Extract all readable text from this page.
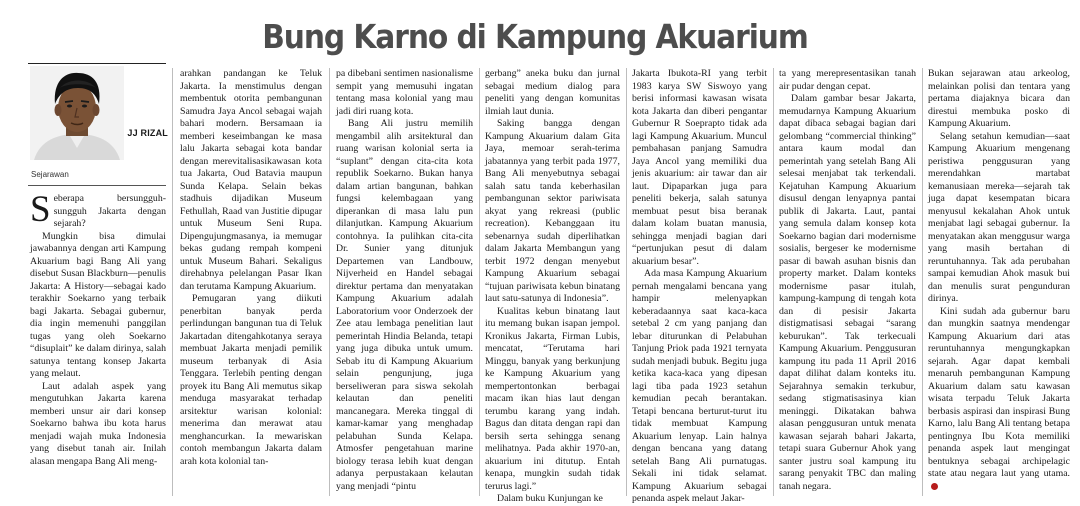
Bung Karno di Kampung Akuarium
JJ RIZAL
Sejarawan

Seberapa bersungguh-sungguh Jakarta dengan sejarah?

Mungkin bisa dimulai jawabannya dengan arti Kampung Akuarium bagi Bang Ali yang disebut Susan Blackburn—penulis Jakarta: A History—sebagai kado terakhir Soekarno yang terbaik bagi Jakarta. Sebagai gubernur, dia ingin memenuhi panggilan tugas yang oleh Soekarno “disuplait” ke dalam dirinya, salah satunya tentang konsep Jakarta yang melaut.

Laut adalah aspek yang mengutuhkan Jakarta karena memberi unsur air dari konsep Soekarno bahwa ibu kota harus menjadi wajah muka Indonesia yang disebut tanah air. Inilah alasan mengapa Bang Ali meng-

arahkan pandangan ke Teluk Jakarta. Ia menstimulus dengan membentuk otorita pembangunan Samudra Jaya Ancol sebagai wajah bahari modern. Bersamaan ia memberi keseimbangan ke masa lalu Jakarta sebagai kota bandar dengan merevitalisasikawasan kota tua Jakarta, Oud Batavia maupun Sunda Kelapa. Selain bekas stadhuis dijadikan Museum Fethullah, Raad van Justitie dipugar untuk Museum Seni Rupa. Dipengujungmasanya, ia memugar bekas gudang rempah kompeni untuk Museum Bahari. Sekaligus direhabnya pelelangan Pasar Ikan dan terutama Kampung Akuarium.

Pemugaran yang diikuti penerbitan banyak perda perlindungan bangunan tua di Teluk Jakartadan ditengahkotanya seraya membuat Jakarta menjadi pemilik museum terbanyak di Asia Tenggara. Terlebih penting dengan proyek itu Bang Ali memutus sikap menduga masyarakat terhadap arsitektur warisan kolonial: menerima dan merawat atau menghancurkan. Ia mewariskan contoh membangun Jakarta dalam arah kota kolonial tan-

pa dibebani sentimen nasionalisme sempit yang memusuhi ingatan tentang masa kolonial yang mau jadi diri ruang kota.

Bang Ali justru memilih mengambil alih arsitektural dan ruang warisan kolonial serta ia “suplant” dengan cita-cita kota republik Soekarno. Bukan hanya dalam artian bangunan, bahkan fungsi kelembagaan yang diperankan di masa lalu pun dilanjutkan. Kampung Akuarium contohnya. Ia pulihkan cita-cita Dr. Sunier yang ditunjuk Departemen van Landbouw, Nijverheid en Handel sebagai direktur pertama dan menyatakan Kampung Akuarium adalah Laboratorium voor Onderzoek der Zee atau lembaga penelitian laut pemerintah Hindia Belanda, tetapi yang juga dibuka untuk umum. Sebab itu di Kampung Akuarium selain pengunjung, juga berseliweran para siswa sekolah kelautan dan peneliti mancanegara. Mereka tinggal di kamar-kamar yang menghadap pelabuhan Sunda Kelapa. Atmosfer pengetahuan marine biology terasa lebih kuat dengan adanya perpustakaan kelautan yang menjadi “pintu

gerbang” aneka buku dan jurnal sebagai medium dialog para peneliti yang dengan komunitas ilmiah laut dunia.

Saking bangga dengan Kampung Akuarium dalam Gita Jaya, memoar serah-terima jabatannya yang terbit pada 1977, Bang Ali menyebutnya sebagai salah satu tanda keberhasilan pembangunan sektor pariwisata akyat yang rekreasi (public recreation). Kebanggaan itu sebenarnya sudah diperlihatkan dalam Jakarta Membangun yang terbit 1972 dengan menyebut Kampung Akuarium sebagai “tujuan pariwisata kebun binatang laut satu-satunya di Indonesia”.

Kualitas kebun binatang laut itu memang bukan isapan jempol. Kronikus Jakarta, Firman Lubis, mencatat, “Terutama hari Minggu, banyak yang berkunjung ke Kampung Akuarium yang mempertontonkan berbagai macam ikan hias laut dengan terumbu karang yang indah. Bagus dan ditata dengan rapi dan bersih serta sehingga senang melihatnya. Pada akhir 1970-an, akuarium ini ditutup. Entah kenapa, mungkin sudah tidak terurus lagi.”

Dalam buku Kunjungan ke

Jakarta Ibukota-RI yang terbit 1983 karya SW Siswoyo yang berisi informasi kawasan wisata kota Jakarta dan diberi pengantar Gubernur R Soeprapto tidak ada lagi Kampung Akuarium. Muncul pembahasan panjang Samudra Jaya Ancol yang memiliki dua jenis akuarium: air tawar dan air laut. Dipaparkan juga para peneliti bekerja, salah satunya membuat pesut bisa beranak dalam kolam buatan manusia, sehingga menjadi bagian dari “pertunjukan pesut di dalam akuarium besar”.

Ada masa Kampung Akuarium pernah mengalami bencana yang hampir melenyapkan keberadaannya saat kaca-kaca setebal 2 cm yang panjang dan lebar diturunkan di Pelabuhan Tanjung Priok pada 1921 ternyata sudah menjadi bubuk. Begitu juga ketika kaca-kaca yang dipesan lagi tiba pada 1923 setahun kemudian pecah berantakan. Tetapi bencana berturut-turut itu tidak membuat Kampung Akuarium lenyap. Lain halnya dengan bencana yang datang setelah Bang Ali purnatugas. Sekali ini tidak selamat. Kampung Akuarium sebagai penanda aspek melaut Jakar-

ta yang merepresentasikan tanah air pudar dengan cepat.

Dalam gambar besar Jakarta, memudarnya Kampung Akuarium dapat dibaca sebagai bagian dari gelombang “commercial thinking” antara kaum modal dan pemerintah yang setelah Bang Ali selesai menjabat tak terkendali. Kejatuhan Kampung Akuarium disusul dengan lenyapnya pantai publik di Jakarta. Laut, pantai yang semula dalam konsep kota Soekarno bagian dari modernisme sosialis, bergeser ke modernisme pasar di bawah asuhan bisnis dan property market. Dalam konteks modernisme pasar itulah, kampung-kampung di tengah kota dan di pesisir Jakarta distigmatisasi sebagai “sarang keburukan”. Tak terkecuali Kampung Akuarium. Penggusuran kampung itu pada 11 April 2016 dapat dilihat dalam konteks itu. Sejarahnya semakin terkubur, sedang stigmatisasinya kian meninggi. Dikatakan bahwa alasan penggusuran untuk menata kawasan sejarah bahari Jakarta, tetapi suara Gubernur Ahok yang santer justru soal kampung itu sarang penyakit TBC dan maling tanah negara.

Bukan sejarawan atau arkeolog, melainkan polisi dan tentara yang pertama diajaknya bicara dan direstui membuka posko di Kampung Akuarium.

Selang setahun kemudian—saat Kampung Akuarium mengenang peristiwa penggusuran yang merendahkan martabat kemanusiaan mereka—sejarah tak juga dapat kesempatan bicara menyusul kekalahan Ahok untuk menjabat lagi sebagai gubernur. Ia menyatakan akan menggusur warga yang masih bertahan di reruntuhannya. Tak ada perubahan sampai kemudian Ahok masuk bui dan menulis surat pengunduran dirinya.

Kini sudah ada gubernur baru dan mungkin saatnya mendengar Kampung Akuarium dari atas reruntuhannya mengungkapkan sejarah. Agar dapat kembali menaruh pembangunan Kampung Akuarium dalam satu kawasan wisata terpadu Teluk Jakarta berbasis aspirasi dan inspirasi Bung Karno, lalu Bang Ali tentang betapa pentingnya Ibu Kota memiliki penanda aspek laut mengingat bentuknya sebagai archipelagic state atau negara laut yang utama.
